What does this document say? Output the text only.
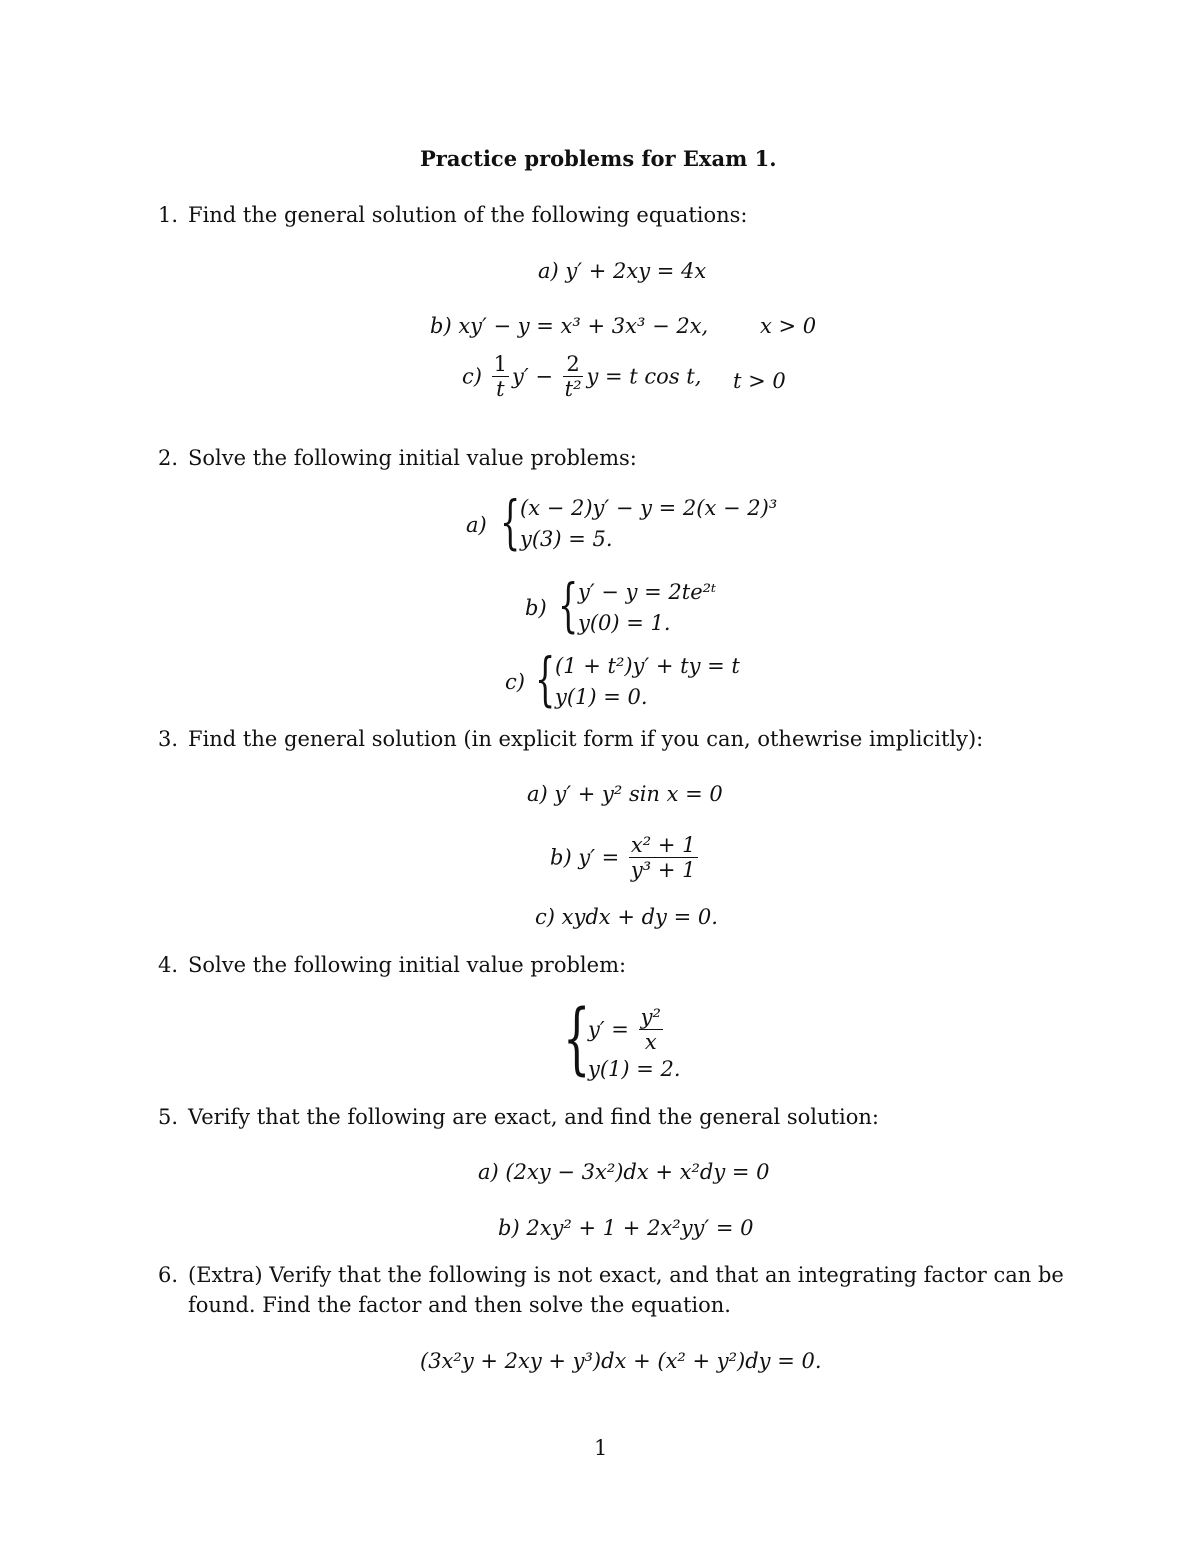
Practice problems for Exam 1.
1. Find the general solution of the following equations:
a) y′ + 2xy = 4x
b) xy′ − y = x³ + 3x³ − 2x, x > 0
$c) \frac{1}{t} y' - \frac{2}{\text{t²}}$ y = t cos t, t > 0
2. Solve the following initial value problems:
a) { (x − 2)y′ − y = 2(x − 2)³
y(3) = 5.
b) { y′ − y = 2te²ᵗ
y(0) = 1.
c) { (1 + t²)y′ + ty = t
y(1) = 0.
3. Find the general solution (in explicit form if you can, othewrise implicitly):
a) y′ + y² sin x = 0
b) $y' = \frac{\text{x² + 1}}{\text{y³ + 1}}$
c) xydx + dy = 0.
4. Solve the following initial value problem:
{
$y' = \frac{\text{y²}}{x}$
y(1) = 2.
5. Verify that the following are exact, and find the general solution:
a) (2xy − 3x²)dx + x²dy = 0
b) 2xy² + 1 + 2x²yy′ = 0
6. (Extra) Verify that the following is not exact, and that an integrating factor can be
found. Find the factor and then solve the equation.
(3x²y + 2xy + y³)dx + (x² + y²)dy = 0.
1
